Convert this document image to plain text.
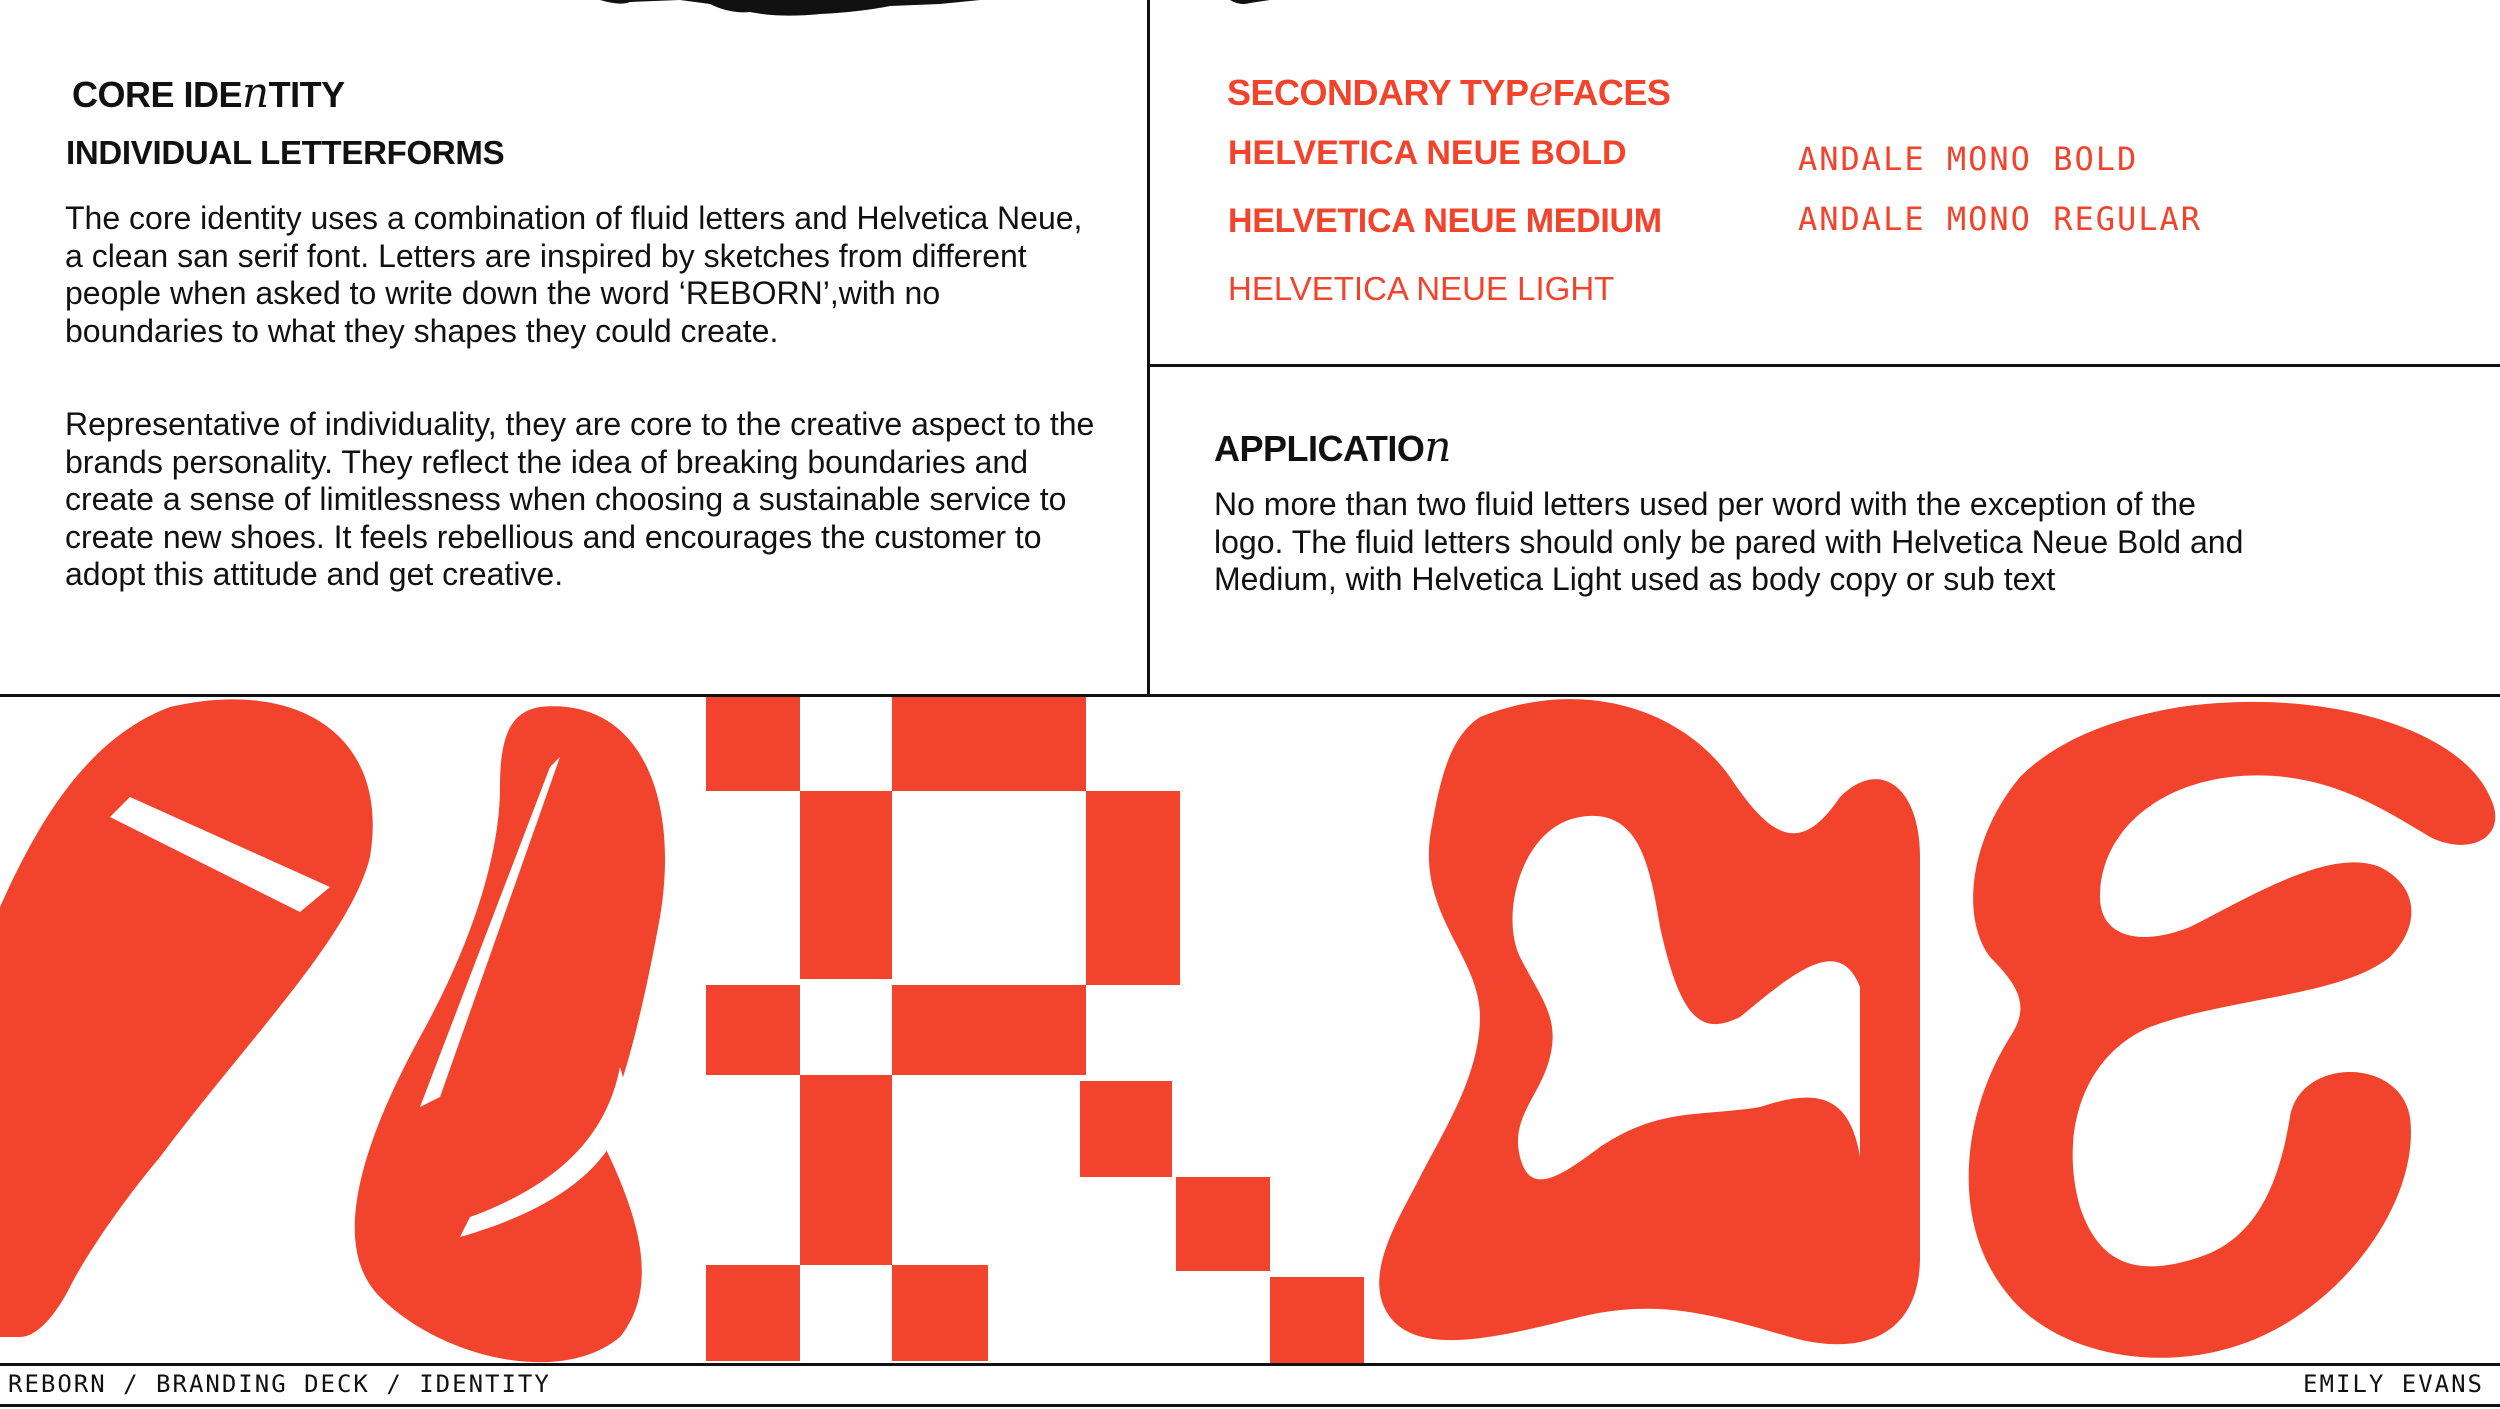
CORE IDEnTITY
INDIVIDUAL LETTERFORMS

The core identity uses a combination of fluid letters and Helvetica Neue, a clean san serif font. Letters are inspired by sketches from different people when asked to write down the word ‘REBORN’,with no boundaries to what they shapes they could create.

Representative of individuality, they are core to the creative aspect to the brands personality. They reflect the idea of breaking boundaries and create a sense of limitlessness when choosing a sustainable service to create new shoes. It feels rebellious and encourages the customer to adopt this attitude and get creative.

SECONDARY TYPeFACES
HELVETICA NEUE BOLD
HELVETICA NEUE MEDIUM
HELVETICA NEUE LIGHT
ANDALE MONO BOLD
ANDALE MONO REGULAR
APPLICATIOn

No more than two fluid letters used per word with the exception of the logo. The fluid letters should only be pared with Helvetica Neue Bold and Medium, with Helvetica Light used as body copy or sub text

REBORN / BRANDING DECK / IDENTITY	EMILY EVANS
